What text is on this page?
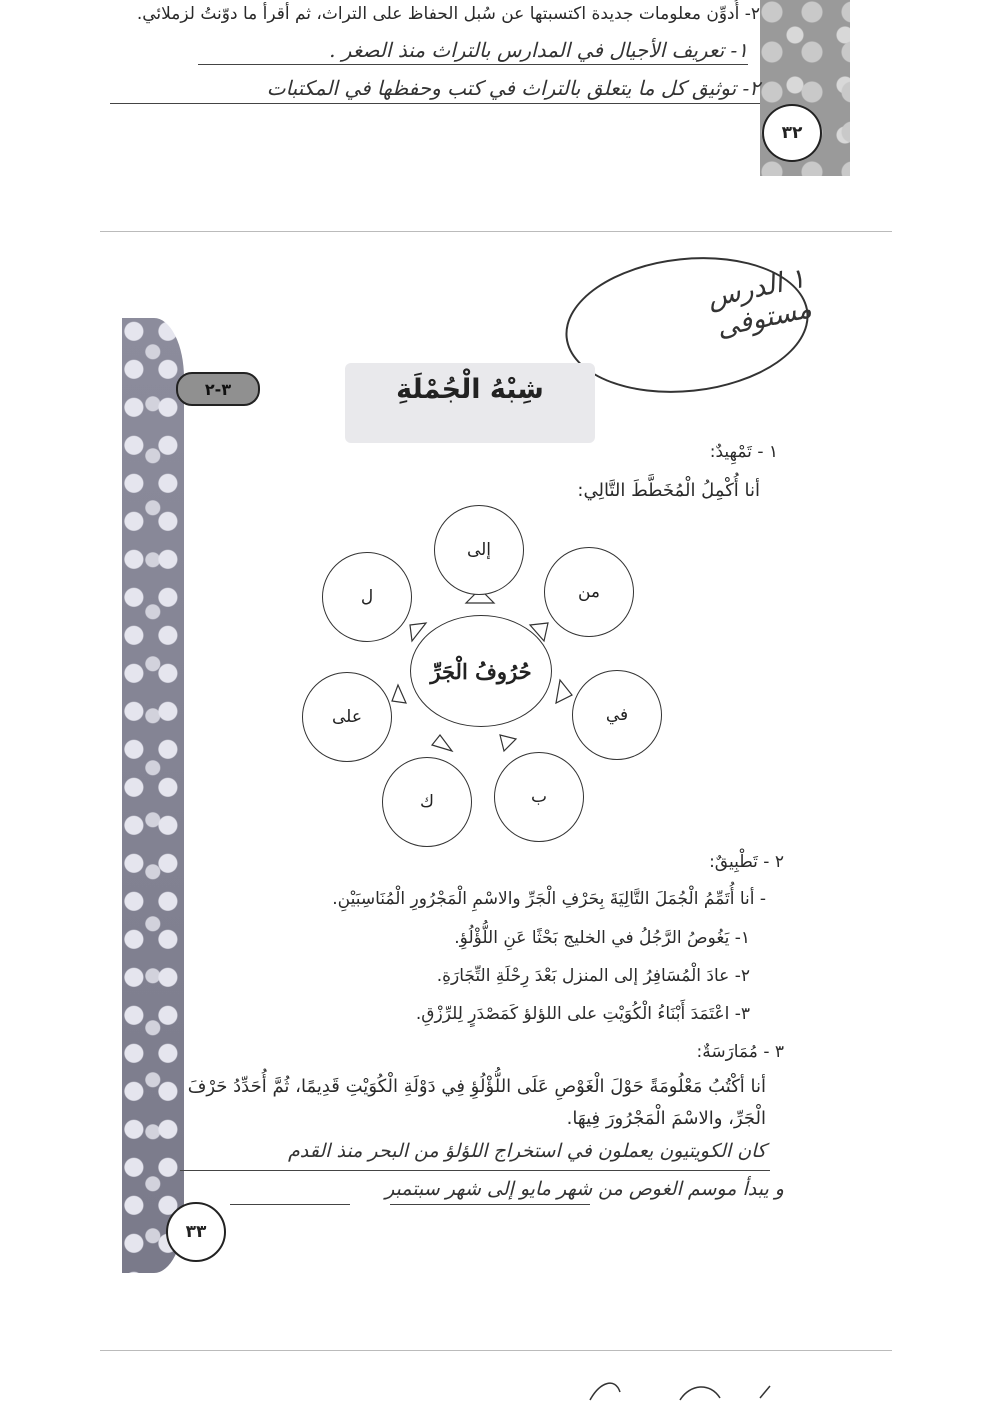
٢- أُدوِّن معلومات جديدة اكتسبتها عن سُبل الحفاظ على التراث، ثم أقرأ ما دوّنتُ لزملائي.
١- تعريف الأجيال في المدارس بالتراث منذ الصغر .
٢- توثيق كل ما يتعلق بالتراث في كتب وحفظها في المكتبات
٣٢
١ الدرس مستوفى
٣-٢	شِبْهُ الْجُمْلَةِ
١ - تَمْهِيدٌ:
أنا أُكْمِلُ الْمُخَطَّطَ التَّالِي:
حُرُوفُ الْجَرِّ
إلى
من
في
ب
ك
على
ل
٢ - تَطْبِيقٌ:
- أنا أُتَمِّمُ الْجُمَلَ التَّالِيَةَ بِحَرْفِ الْجَرِّ والاسْمِ الْمَجْرُورِ الْمُنَاسِبَيْنِ.
١- يَغُوصُ الرَّجُلُ في الخليج بَحْثًا عَنِ اللُّؤْلُؤِ.
٢- عادَ الْمُسَافِرُ إلى المنزل بَعْدَ رِحْلَةِ التِّجَارَةِ.
٣- اعْتَمَدَ أَبْنَاءُ الْكُوَيْتِ على اللؤلؤ كَمَصْدَرٍ لِلرِّزْقِ.
٣ - مُمَارَسَةٌ:
أنا أكْتُبُ مَعْلُومَةً حَوْلَ الْغَوْصِ عَلَى اللُّؤْلُؤِ فِي دَوْلَةِ الْكُوَيْتِ قَدِيمًا، ثُمَّ أُحَدِّدُ حَرْفَ
الْجَرِّ، والاسْمَ الْمَجْرُورَ فِيهَا.
كان الكويتيون يعملون في استخراج اللؤلؤ من البحر منذ القدم
و يبدأ موسم الغوص من شهر مايو إلى شهر سبتمبر
٣٣
